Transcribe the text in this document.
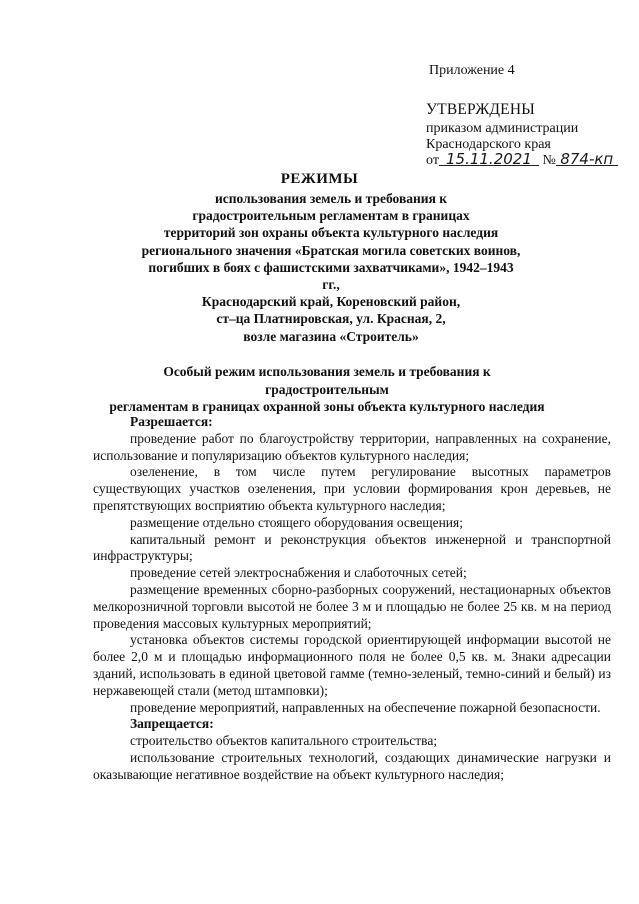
Приложение 4
УТВЕРЖДЕНЫ
приказом администрации
Краснодарского края
от 15.11.2021 № 874-кп
РЕЖИМЫ
использования земель и требования к
градостроительным регламентам в границах
территорий зон охраны объекта культурного наследия
регионального значения «Братская могила советских воинов,
погибших в боях с фашистскими захватчиками», 1942–1943 гг.,
Краснодарский край, Кореновский район,
ст–ца Платнировская, ул. Красная, 2,
возле магазина «Строитель»
Особый режим использования земель и требования к градостроительным
регламентам в границах охранной зоны объекта культурного наследия
Разрешается:

проведение работ по благоустройству территории, направленных на сохранение, использование и популяризацию объектов культурного наследия;

озеленение, в том числе путем регулирование высотных параметров существующих участков озеленения, при условии формирования крон деревьев, не препятствующих восприятию объекта культурного наследия;

размещение отдельно стоящего оборудования освещения;

капитальный ремонт и реконструкция объектов инженерной и транспортной инфраструктуры;

проведение сетей электроснабжения и слаботочных сетей;

размещение временных сборно-разборных сооружений, нестационарных объектов мелкорозничной торговли высотой не более 3 м и площадью не более 25 кв. м на период проведения массовых культурных мероприятий;

установка объектов системы городской ориентирующей информации высотой не более 2,0 м и площадью информационного поля не более 0,5 кв. м. Знаки адресации зданий, использовать в единой цветовой гамме (темно-зеленый, темно-синий и белый) из нержавеющей стали (метод штамповки);

проведение мероприятий, направленных на обеспечение пожарной безопасности.

Запрещается:

строительство объектов капитального строительства;

использование строительных технологий, создающих динамические нагрузки и оказывающие негативное воздействие на объект культурного наследия;
